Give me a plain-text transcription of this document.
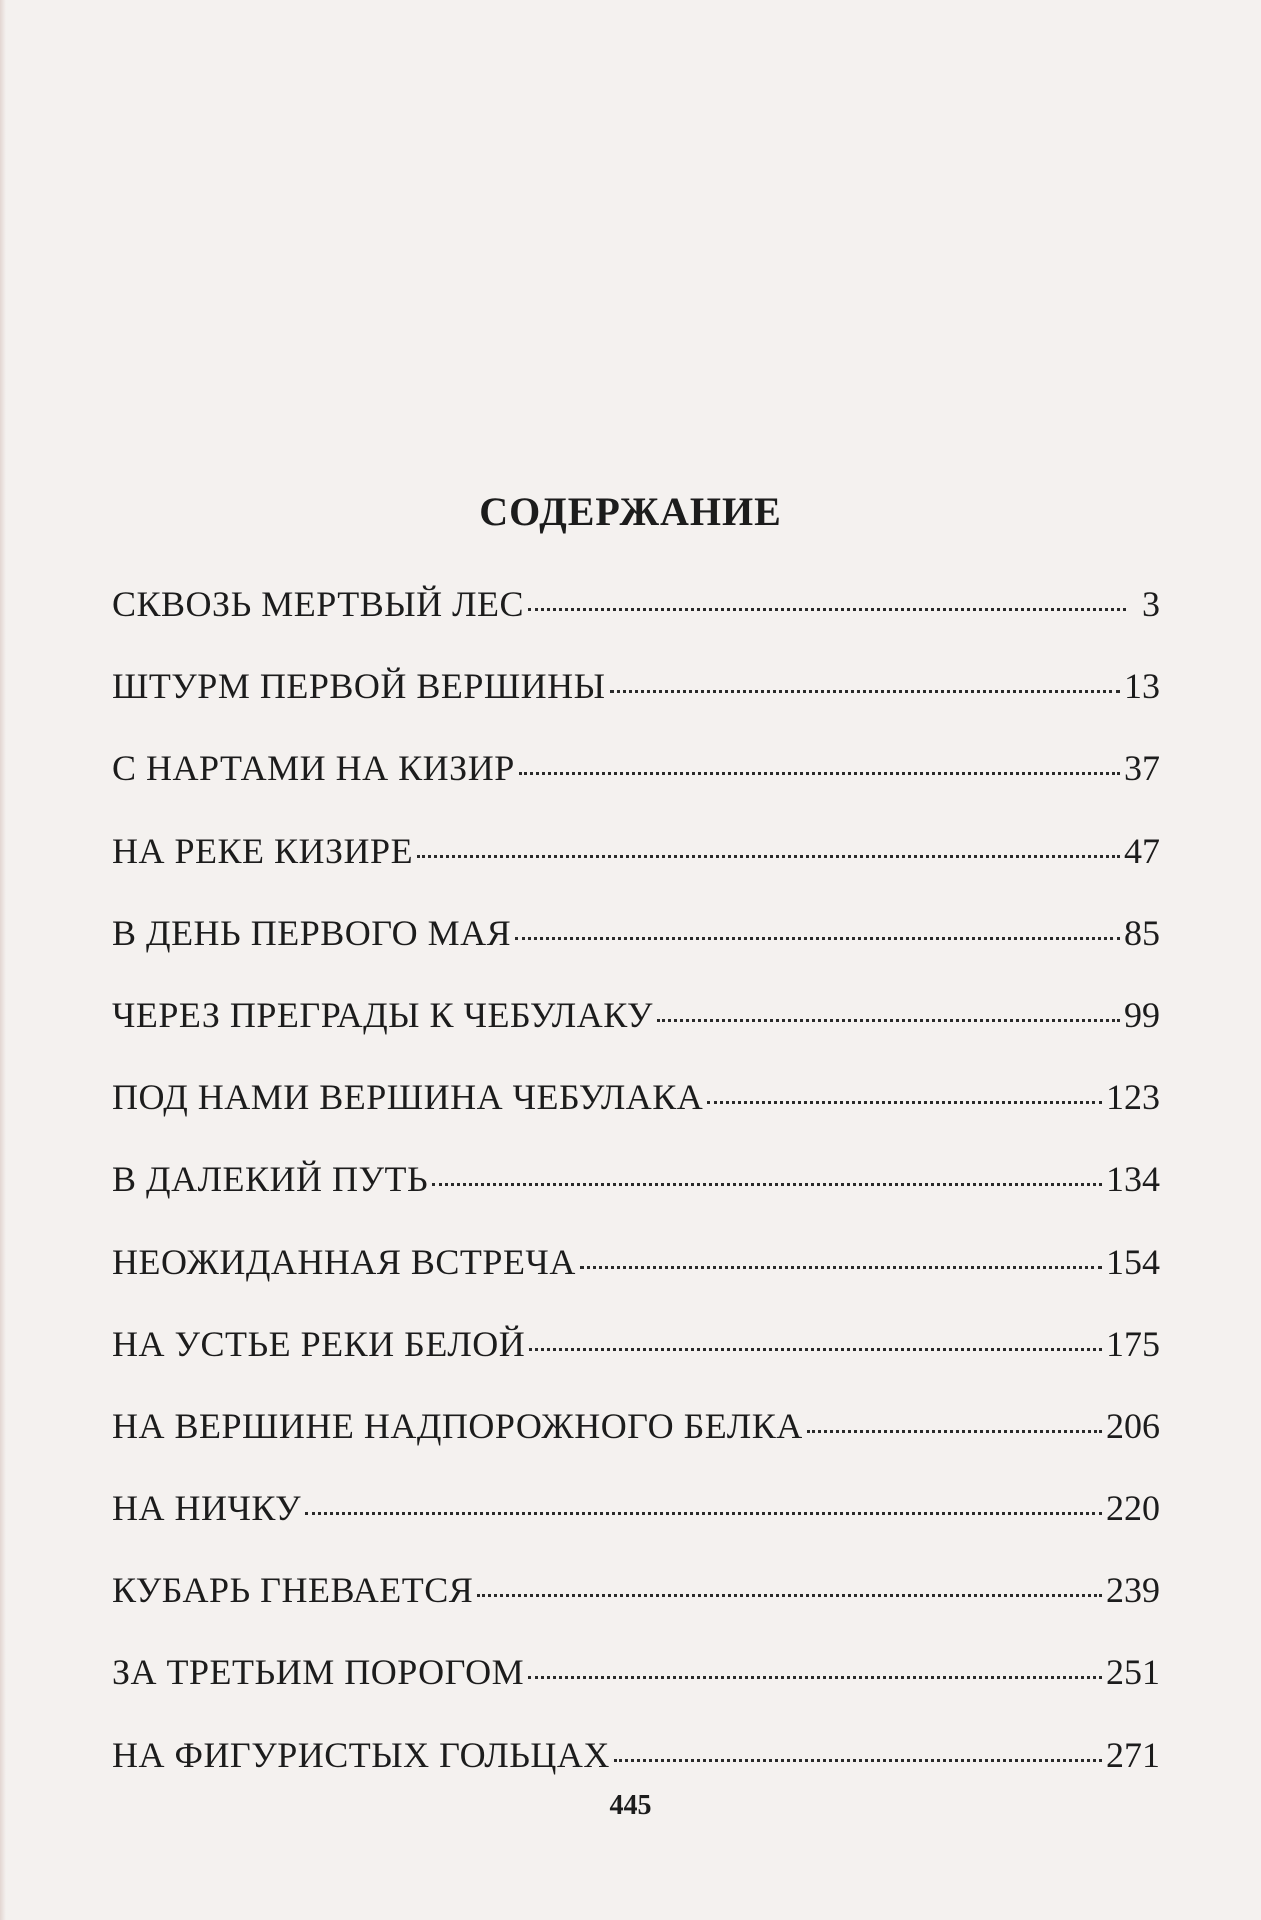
СОДЕРЖАНИЕ
СКВОЗЬ МЕРТВЫЙ ЛЕС	3
ШТУРМ ПЕРВОЙ ВЕРШИНЫ	13
С НАРТАМИ НА КИЗИР	37
НА РЕКЕ КИЗИРЕ	47
В ДЕНЬ ПЕРВОГО МАЯ	85
ЧЕРЕЗ ПРЕГРАДЫ К ЧЕБУЛАКУ	99
ПОД НАМИ ВЕРШИНА ЧЕБУЛАКА	123
В ДАЛЕКИЙ ПУТЬ	134
НЕОЖИДАННАЯ ВСТРЕЧА	154
НА УСТЬЕ РЕКИ БЕЛОЙ	175
НА ВЕРШИНЕ НАДПОРОЖНОГО БЕЛКА	206
НА НИЧКУ	220
КУБАРЬ ГНЕВАЕТСЯ	239
ЗА ТРЕТЬИМ ПОРОГОМ	251
НА ФИГУРИСТЫХ ГОЛЬЦАХ	271
445
